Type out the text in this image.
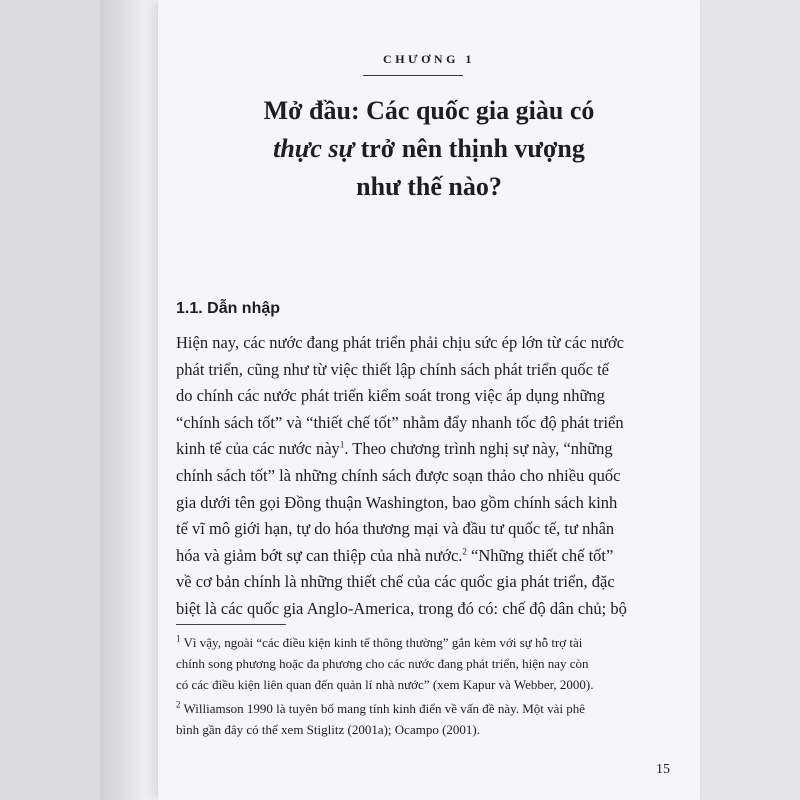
CHƯƠNG 1
Mở đầu: Các quốc gia giàu có
thực sự trở nên thịnh vượng
như thế nào?
1.1. Dẫn nhập

Hiện nay, các nước đang phát triển phải chịu sức ép lớn từ các nước
phát triển, cũng như từ việc thiết lập chính sách phát triển quốc tế
do chính các nước phát triển kiểm soát trong việc áp dụng những
“chính sách tốt” và “thiết chế tốt” nhằm đẩy nhanh tốc độ phát triển
kinh tế của các nước này$^1$. Theo chương trình nghị sự này, “những
chính sách tốt” là những chính sách được soạn thảo cho nhiều quốc
gia dưới tên gọi Đồng thuận Washington, bao gồm chính sách kinh
tế vĩ mô giới hạn, tự do hóa thương mại và đầu tư quốc tế, tư nhân
hóa và giảm bớt sự can thiệp của nhà nước.$^2$ “Những thiết chế tốt”
về cơ bản chính là những thiết chế của các quốc gia phát triển, đặc
biệt là các quốc gia Anglo-America, trong đó có: chế độ dân chủ; bộ

$^1$ Vì vậy, ngoài “các điều kiện kinh tế thông thường” gắn kèm với sự hỗ trợ tài
chính song phương hoặc đa phương cho các nước đang phát triển, hiện nay còn
có các điều kiện liên quan đến quản lí nhà nước” (xem Kapur và Webber, 2000).

$^2$ Williamson 1990 là tuyên bố mang tính kinh điển về vấn đề này. Một vài phê
bình gần đây có thể xem Stiglitz (2001a); Ocampo (2001).

15
